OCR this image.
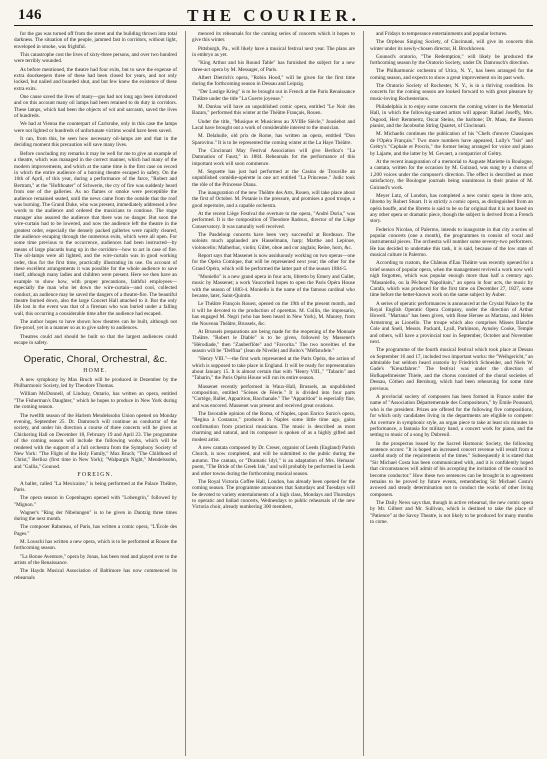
146	THE COURIER.

for the gas was turned off from the street and the building thrown into total darkness. The situation of the people, jammed fast in corridors, without light, enveloped in smoke, was frightful.

This catastrophe cost the lives of sixty-three persons, and over two hundred were terribly wounded.

As before mentioned, the theatre had four exits, but to save the expense of extra doorkeepers three of these had been closed for years, and not only locked, but nailed and boarded shut, and but few knew the existence of these extra exits.

One cause saved the lives of many—gas had not long ago been introduced and on this account many oil lamps had been retained to do duty in corridors. These lamps, which had been the objects of wit and sarcasm, saved the lives of hundreds.

We had at Vienna the counterpart of Carlsruhe, only in this case the lamps were not lighted or hundreds of unfortunate victims would have been saved.

It can, from this, be seen how necessary oil-lamps are and that in the deciding moment this precaution will save many lives.

Before concluding my remarks it may be well for me to give an example of a theatre, which was managed in the correct manner, which had many of the modern improvements, and which at the same time is the first case on record in which the entire audience of a burning theatre escaped in safety. On the 16th of April, of this year, during a performance of the farce, "Robert and Bertram," at the "Hofthoater" of Schwerin, the cry of fire was suddenly heard from one of the galleries. As no flames or smoke were perceptible the audience remained seated, until the news came from the outside that the roof was burning. The Grand Duke, who was present, immediately addressed a few words to the audience and ordered the musicians to continue. The stage manager also assured the audience that there was no danger. But soon the wire-curtain had to be lowered, and now the audience left the theatre in the greatest order, especially the densely packed galleries were rapidly cleared, the audience escaping through the numerous exits, which were all open. For some time previous to the occurrence, audiences had been instructed—by means of large placards hung up in the corridors—how to act in case of fire. The oil-lamps were all lighted, and the wire-curtain was in good working order, thus for the first time, practically illustrating its use. On account of these excellent arrangements it was possible for the whole audience to save itself, although many ladies and children were present. Here we then have an example to show how, with proper precautions, faithful employees—especially the man who let down the wire-curtain—and cool, collected conduct, an audience may be saved the dangers of a theatre-fire. The beautiful theatre burned down, also the large Concert Hall attached to it. But the only life lost in the event was that of a fireman who was buried under a falling wall, this occurring a considerable time after the audience had escaped.

The author hopes to have shown how theatres can be built, although not fire-proof, yet in a manner so as to give safety to audiences.

Theatres could and should be built so that the largest audiences could escape in safety.

Operatic, Choral, Orchestral, &c.
HOME.

A new symphony by Max Bruch will be produced in Dezember by the Philharmonic Society, led by Theodore Thomas.

William McDonnell, of Lindsay, Ontario, has written an opera, entitled "The Fisherman's Daughter," which he hopes to produce in New York during the coming season.

The twelfth season of the Harlem Mendelssohn Union opened on Monday evening, September 25. Dr. Damrosch will continue as conductor of the society, and under his direction a course of three concerts will be given at Chickering Hall on December 18, February 19 and April 23. The programme of the coming season will include the following works, which will be rendered with the support of a full orchestra from the Symphony Society of New York: "The Flight of the Holy Family," Max Bruch; "The Childhood of Christ," Berlioz (first time in New York); "Walpurgis Night," Mendelssohn, and "Gallia," Gounod.

FOREIGN.

A ballet, called "La Mexicaine," is being performed at the Palace Théâtre, Paris.

The opera season in Copenhagen opened with "Lohengrin," followed by "Mignon."

Wagner's "Ring der Nibelungen" is to be given in Dantzig three times during the next month.

The composer Rabuteau, of Paris, has written a comic opera, "L'École des Pages."

M. Louschi has written a new opera, which is to be performed at Rouen the forthcoming season.

"La Bonne Aventure," opera by Jonas, has been read and played over to the artists of the Renaissance.

The Haydn Musical Association of Baltimore has now commenced its rehearsals

menced its rehearsals for the coming series of concerts which it hopes to give this winter.

Pittsburgh, Pa., will likely have a musical festival next year. The plans are in embryo as yet.

"King Arthur and his Round Table" has furnished the subject for a new three-act opera by M. Messager, of Paris.

Albert Dietrich's opera, "Robin Hood," will be given for the first time during the forthcoming season in Dessau and Leipzig.

"Der Lustige Krieg" is to be brought out in French at the Paris Renaissance Théâtre under the title "La Guerre joyeuse."

M. Duréau will have an unpublished comic opera, entitled "Le Noir des Bazars," performed this winter at the Théâtre Français, Rouen.

Under the title, "Musique et Musiciens au XVIIIe Siècle," Jouslebot and Lacal have brought out a work of considerable interest to the musician.

M. Delahulle, old prix de Rome, has written an opera, entitled "Don Sparovino." It is to be represented the coming winter at the La Haye Théâtre.

The Cincinnati May Festival Association will give Berlioz's "La Damnation of Faust," in 1884. Rehearsals for the performance of this important work will soon commence.

M. Seguette has just had performed at the Casino de Trouville an unpublished comédie-opérette in one act entitled "La Princesse." Judic took the rôle of the Princesse Diana.

The inauguration of the new Théâtre des Arts, Rouen, will take place about the first of October. M. Potanie is the pressure, and promises a good troupe, a good repertoire, and a capable orchestra.

At the recent Liège Festival the overture to the opera, "André Doria," was performed. It is the composition of Theodore Radoux, director of the Liège Conservatory. It was naturally well received.

The Pasdeloup concerts have been very successful at Bordeaux. The soloists much applauded are Hasselmann, harp; Marthe and Lepinoe, violoncello; Malherbac, violin; Gillet, oboe and cor anglais; Reine, horn, &c.

Report says that Massenet is now assiduously working on two operas—one for the Opéra Comique, that will be represented next year; the other for the Grand Opéra, which will be performed the latter part of the season 1884-5.

"Moniello" is a new grand opera in four acts, libretto by Emery and Gallet, music by Massenet; a work Vaucorbeil hopes to open the Paris Opéra House with the season of 1883-4. Moniello is the name of the famous cardinal who became, later, Saint-Quintin.

Le Théâtre François Rouen, opened on the 19th of the present month, and it will be devoted to the production of operettas. M. Collin, the impresario, has engaged M. Negri (who has been heard in New York), M. Maurey, from the Nouveau Théâtre, Brussels, &c.

At Brussels preparations are being made for the reopening of the Monnaie Théâtre. "Robert le Diable" is to be given, followed by Massenet's "Hérodiade," then "Zauberflöte" and "Favorita." The two novelties of the season will be "Delfina" (Jean de Nivelle) and Boito's "Méfistofele."

"Henry VIII."—the first work represented at the Paris Opéra, the action of which is supposed to take place in England. It will be ready for representation about January 15. It is almost certain that with "Henry VIII.," "Tabarin" and "Tabarin," the Paris Opéra House will run its entire season.

Massenet recently performed in Waux-Hall, Brussels, an unpublished composition, entitled "Scènes de Féerie." It is divided into four parts "Cortège, Ballet, Apparition, Bacchanale." The "Apparition" is especially fine, and was encored. Massenet was present and received great ovations.

The favorable opinion of the Roma, of Naples, upon Enrico Surzo's opera, "Regina à Costanzo," produced in Naples some little time ago, gains confirmation from practical musicians. The music is described as most charming and natural, and its composer is spoken of as a highly gifted and modest artist.

A new cantata composed by Dr. Creser, organist of Leeds (England) Parish Church, is now completed, and will be submitted to the public during the autumn. The cantata, or "Dramatic Idyl," is an adaptation of Mrs. Hemans' poem, "The Bride of the Greek Isle," and will probably be performed in Leeds and other towns during the forthcoming musical season.

The Royal Victoria Coffee Hall, London, has already been opened for the coming season. The programme announces that Saturdays and Tuesdays will be devoted to variety entertainments of a high class, Mondays and Thursdays to operatic and ballad concerts, Wednesdays to public rehearsals of the new Victoria choir, already numbering 300 members,

and Fridays to temperance entertainments and popular lectures.

The Orpheus Singing Society, of Cincinnati, will give its concerts this winter under its newly-chosen director, H. Brockhoven.

Gounod's oratorio, "The Redemption," will likely be produced the forthcoming season by the Oratorio Society, under Dr. Damrosch's direction.

The Philharmonic orchestra of Utica, N. Y., has been arranged for the coming season, and expects to show a great improvement on its past work.

The Oratorio Society of Rochester, N. Y., is in a thriving condition. Its concerts for the coming season are looked forward to with great pleasure by music-loving Rochesterians.

Philadelphia is to enjoy some concerts the coming winter in the Memorial Hall, in which the following-named artists will appear: Rafael Joseffy, Mrs. Osgood, Herr Remmertz, Oscar Steins, the baritone; Dr. Maas, the Boston pianist, and the Jacobsohn String Quartet, of Cincinnati.

M. Michaelis continues the publication of his "Chefs d'œuvre Classiques de l'Opéra Français." Two more numbers have appeared, Lully's "Isis" and Grétry's "Cephale et Procris," the former being arranged for voice and piano by Lajarte, and the latter by M. Gevaert, a compatriot of Grétry.

At the recent inauguration of a memorial to Auguste Mariette in Boulogne, a cantata, written for the occasion by M. Guiraud, was sung by a chorus of 1,200 voices under the composer's direction. The effect is described as most satisfactory, the Boulogne journals being unanimous in their praise of M. Guiraud's work.

Meyer Lutz, of London, has completed a new comic opera in three acts, libretto by Robert Stuart. It is strictly a comic opera, as distinguished from an opéra bouffe, and the libretto is said to be so far original that it is not based on any other opera or dramatic piece, though the subject is derived from a French story.

Federico Nicolao, of Palermo, intends to inaugurate in that city a series of popular concerts (one a month), the programmes to consist of vocal and instrumental pieces. The orchestra will number some seventy-two performers. He has decided to undertake this task, it is said, because of the low state of musical culture in Palermo.

According to custom, the Château d'Eau Théâtre was recently opened for a brief season of popular opera, when the management revived a work now well nigh forgotten, which was popular enough more than half a century ago. "Masaniello, ou la Pêcheur Napolitain," an opera in four acts, the music by Carafa, which was produced for the first time on December 27, 1827, some time before the better-known work on the same subject by Auber.

A series of operatic performances is announced at the Crystal Palace by the Royal English Operatic Opera Company, under the direction of Arthur Howell. "Martana" has been given, with Rose Hersee as Martana, and Helen Armstrong as Lionello. The troupe which also comprises Misses Blanche Cole and Snell, Messrs. Packard, Lyall, Parkinson, Aynsley Cooke, Temple and others, will have a provincial tour in September, October and November next.

The programme of the fourth musical festival which took place at Dessau on September 16 and 17, included two important works: the "Weihgericht," an admirable but seldom heard oratorio by Friedrich Schneider, and Niels W. Gade's "Kreuzfahrer." The festival was under the direction of Hofkapellmeister Thiele, and the chorus consisted of the choral societies of Dessau, Cöthen and Bernburg, which had been rehearsing for some time previous.

A provincial society of composers has been formed in France under the name of "Association Départementale des Compositeurs," by Émile Poussard, who is the president. Prizes are offered for the following five compositions, for which only candidates living in the departments are eligible to compete: An overture in symphonic style, an organ piece to take at least six minutes in performance, a fantasia for military band, a concert work for piano, and the setting to music of a song by Dubreuil.

In the prospectus issued by the Sacred Harmonic Society, the following sentence occurs: "It is hoped an increased concert revenue will result from a careful study of the requirements of the times." Subsequently it is stated that "Sir Michael Costa has been communicated with, and it is confidently hoped that circumstances will admit of his accepting the invitation of the council to become conductor." How these two sentences can be brought in to agreement remains to be proved by future events, remembering Sir Michael Costa's avowed and steady determination not to conduct the works of other living composers.

The Daily News says that, though in active rehearsal, the new comic opera by Mr. Gilbert and Mr. Sullivan, which is destined to take the place of "Patience" at the Savoy Theatre, is not likely to be produced for many months to come.
